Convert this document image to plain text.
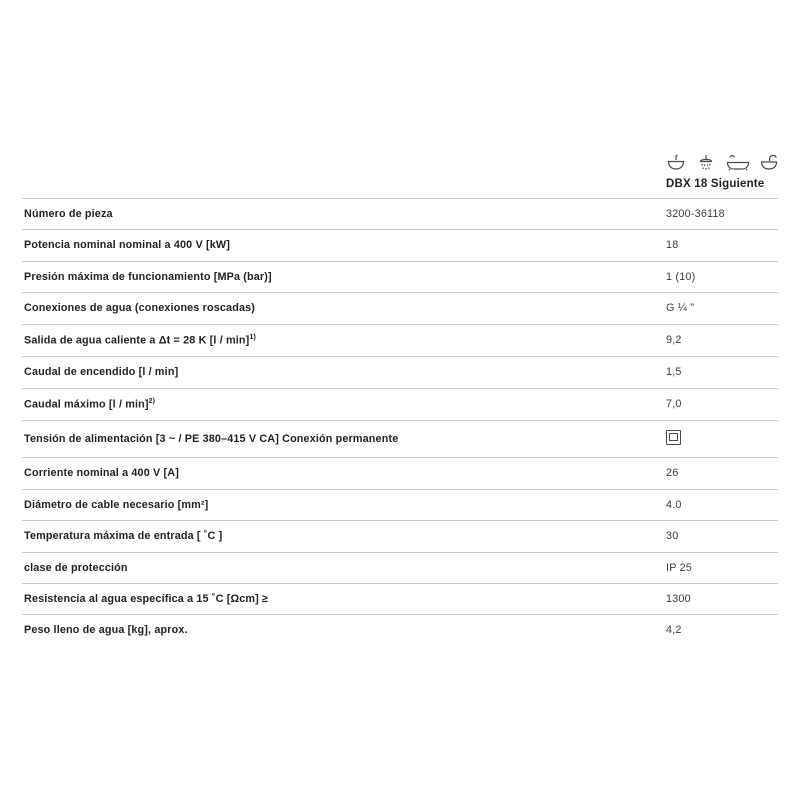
	DBX 18 Siguiente
Número de pieza	3200-36118
Potencia nominal nominal a 400 V [kW]	18
Presión máxima de funcionamiento [MPa (bar)]	1 (10)
Conexiones de agua (conexiones roscadas)	G ¼ "
Salida de agua caliente a Δt = 28 K [l / min]$^{1)}$	9,2
Caudal de encendido [l / min]	1,5
Caudal máximo [l / min]$^{2)}$	7,0
Tensión de alimentación [3 ~ / PE 380–415 V CA] Conexión permanente	
Corriente nominal a 400 V [A]	26
Diámetro de cable necesario [mm²]	4.0
Temperatura máxima de entrada [ ˚C ]	30
clase de protección	IP 25
Resistencia al agua específica a 15 ˚C [Ωcm] ≥	1300
Peso lleno de agua [kg], aprox.	4,2
